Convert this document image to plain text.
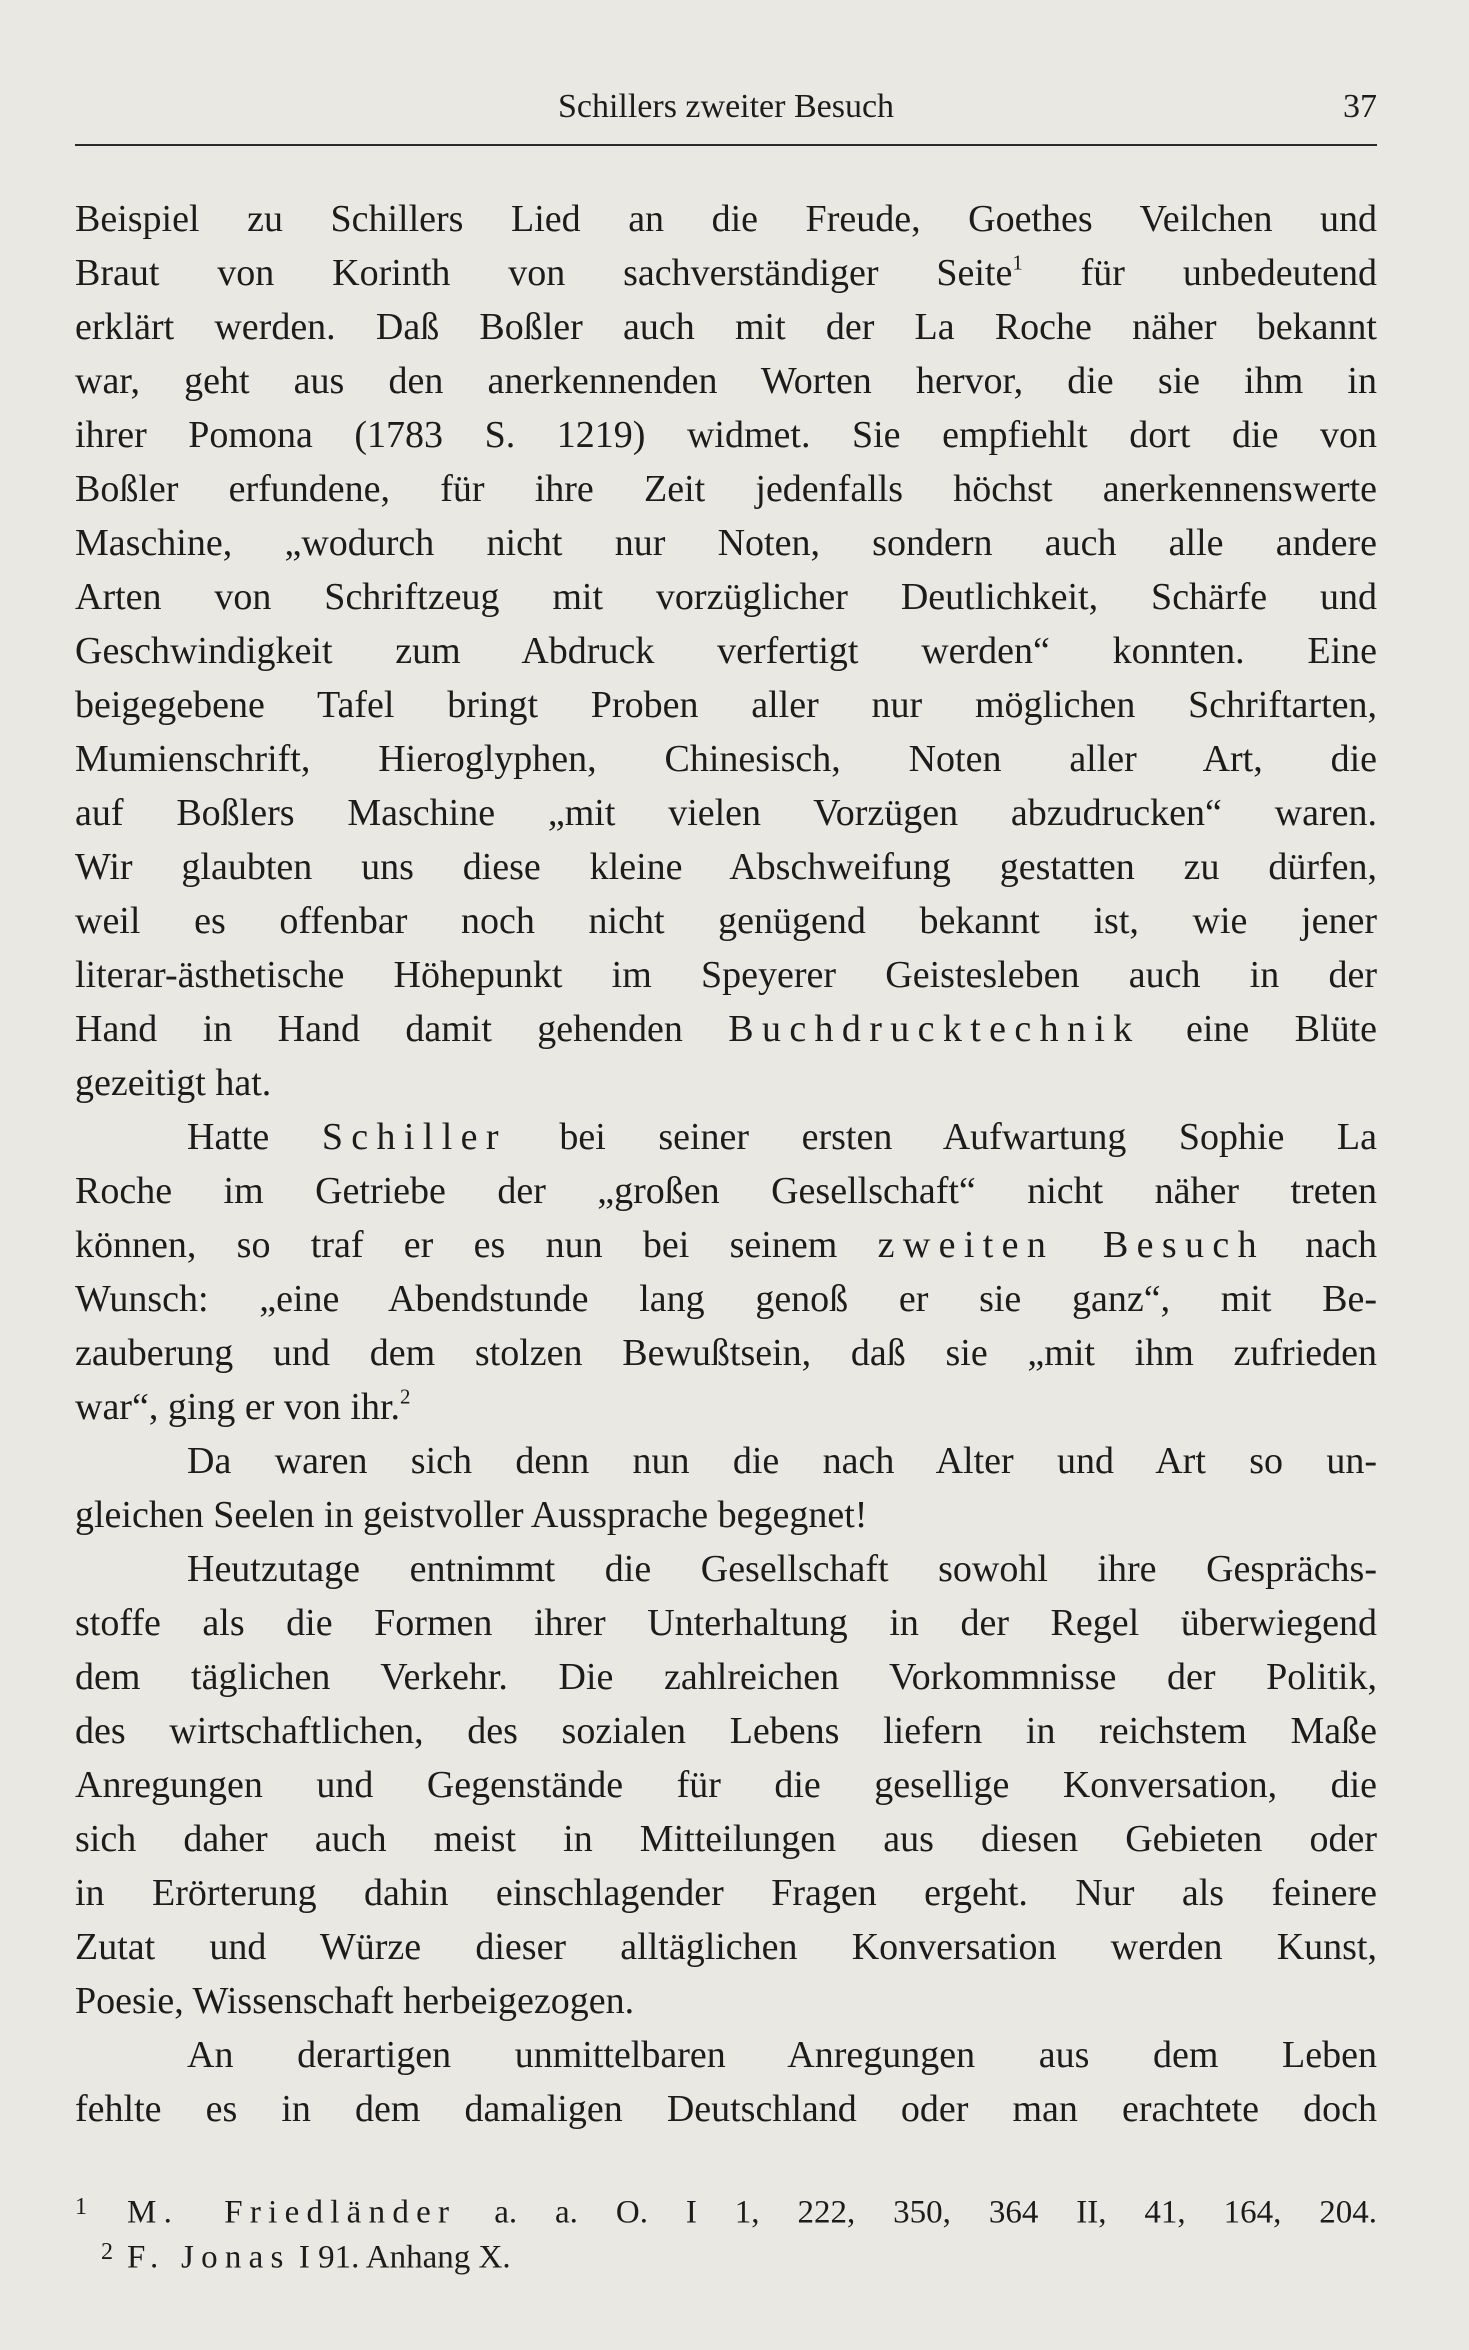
Schillers zweiter Besuch	37
Beispiel zu Schillers Lied an die Freude, Goethes Veilchen und
Braut von Korinth von sachverständiger Seite$^1$ für unbedeutend
erklärt werden. Daß Boßler auch mit der La Roche näher bekannt
war, geht aus den anerkennenden Worten hervor, die sie ihm in
ihrer Pomona (1783 S. 1219) widmet. Sie empfiehlt dort die von
Boßler erfundene, für ihre Zeit jedenfalls höchst anerkennenswerte
Maschine, „wodurch nicht nur Noten, sondern auch alle andere
Arten von Schriftzeug mit vorzüglicher Deutlichkeit, Schärfe und
Geschwindigkeit zum Abdruck verfertigt werden“ konnten. Eine
beigegebene Tafel bringt Proben aller nur möglichen Schriftarten,
Mumienschrift, Hieroglyphen, Chinesisch, Noten aller Art, die
auf Boßlers Maschine „mit vielen Vorzügen abzudrucken“ waren.
Wir glaubten uns diese kleine Abschweifung gestatten zu dürfen,
weil es offenbar noch nicht genügend bekannt ist, wie jener
literar-ästhetische Höhepunkt im Speyerer Geistesleben auch in der
Hand in Hand damit gehenden Buchdrucktechnik eine Blüte
gezeitigt hat.
Hatte Schiller bei seiner ersten Aufwartung Sophie La
Roche im Getriebe der „großen Gesellschaft“ nicht näher treten
können, so traf er es nun bei seinem zweiten Besuch nach
Wunsch: „eine Abendstunde lang genoß er sie ganz“, mit Be-
zauberung und dem stolzen Bewußtsein, daß sie „mit ihm zufrieden
war“, ging er von ihr.$^2$
Da waren sich denn nun die nach Alter und Art so un-
gleichen Seelen in geistvoller Aussprache begegnet!
Heutzutage entnimmt die Gesellschaft sowohl ihre Gesprächs-
stoffe als die Formen ihrer Unterhaltung in der Regel überwiegend
dem täglichen Verkehr. Die zahlreichen Vorkommnisse der Politik,
des wirtschaftlichen, des sozialen Lebens liefern in reichstem Maße
Anregungen und Gegenstände für die gesellige Konversation, die
sich daher auch meist in Mitteilungen aus diesen Gebieten oder
in Erörterung dahin einschlagender Fragen ergeht. Nur als feinere
Zutat und Würze dieser alltäglichen Konversation werden Kunst,
Poesie, Wissenschaft herbeigezogen.
An derartigen unmittelbaren Anregungen aus dem Leben
fehlte es in dem damaligen Deutschland oder man erachtete doch
1 M. Friedländer a. a. O. I 1, 222, 350, 364 II, 41, 164, 204.
2 F. Jonas I 91. Anhang X.
